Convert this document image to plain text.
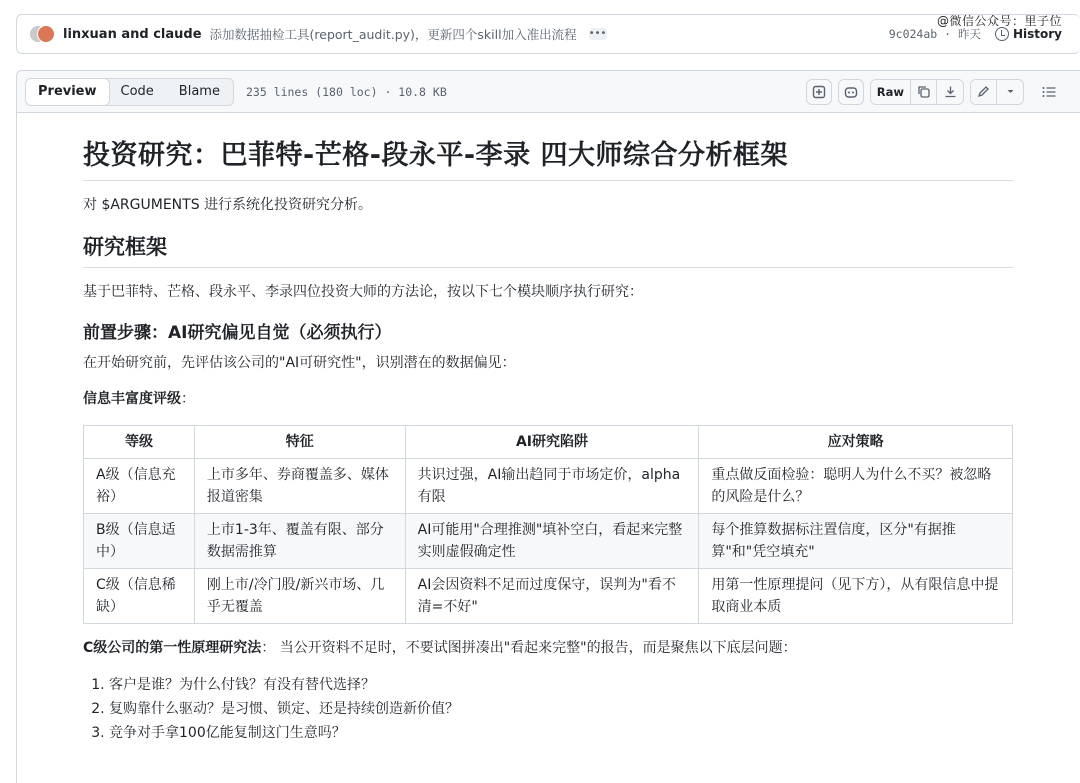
@微信公众号：里子位
linxuan and claude 添加数据抽检工具(report_audit.py)，更新四个skill加入准出流程 •••	9c024ab · 昨天	History
Preview	Code	Blame	235 lines (180 loc) · 10.8 KB	Raw
投资研究：巴菲特-芒格-段永平-李录 四大师综合分析框架

对 $ARGUMENTS 进行系统化投资研究分析。

研究框架

基于巴菲特、芒格、段永平、李录四位投资大师的方法论，按以下七个模块顺序执行研究：

前置步骤：AI研究偏见自觉（必须执行）

在开始研究前，先评估该公司的"AI可研究性"，识别潜在的数据偏见：

信息丰富度评级：

等级	特征	AI研究陷阱	应对策略
A级（信息充裕）	上市多年、券商覆盖多、媒体报道密集	共识过强，AI输出趋同于市场定价，alpha有限	重点做反面检验：聪明人为什么不买？被忽略的风险是什么？
B级（信息适中）	上市1-3年、覆盖有限、部分数据需推算	AI可能用"合理推测"填补空白，看起来完整实则虚假确定性	每个推算数据标注置信度，区分"有据推算"和"凭空填充"
C级（信息稀缺）	刚上市/冷门股/新兴市场、几乎无覆盖	AI会因资料不足而过度保守，误判为"看不清=不好"	用第一性原理提问（见下方），从有限信息中提取商业本质

C级公司的第一性原理研究法： 当公开资料不足时，不要试图拼凑出"看起来完整"的报告，而是聚焦以下底层问题：

1. 客户是谁？为什么付钱？有没有替代选择？
2. 复购靠什么驱动？是习惯、锁定、还是持续创造新价值？
3. 竞争对手拿100亿能复制这门生意吗？
